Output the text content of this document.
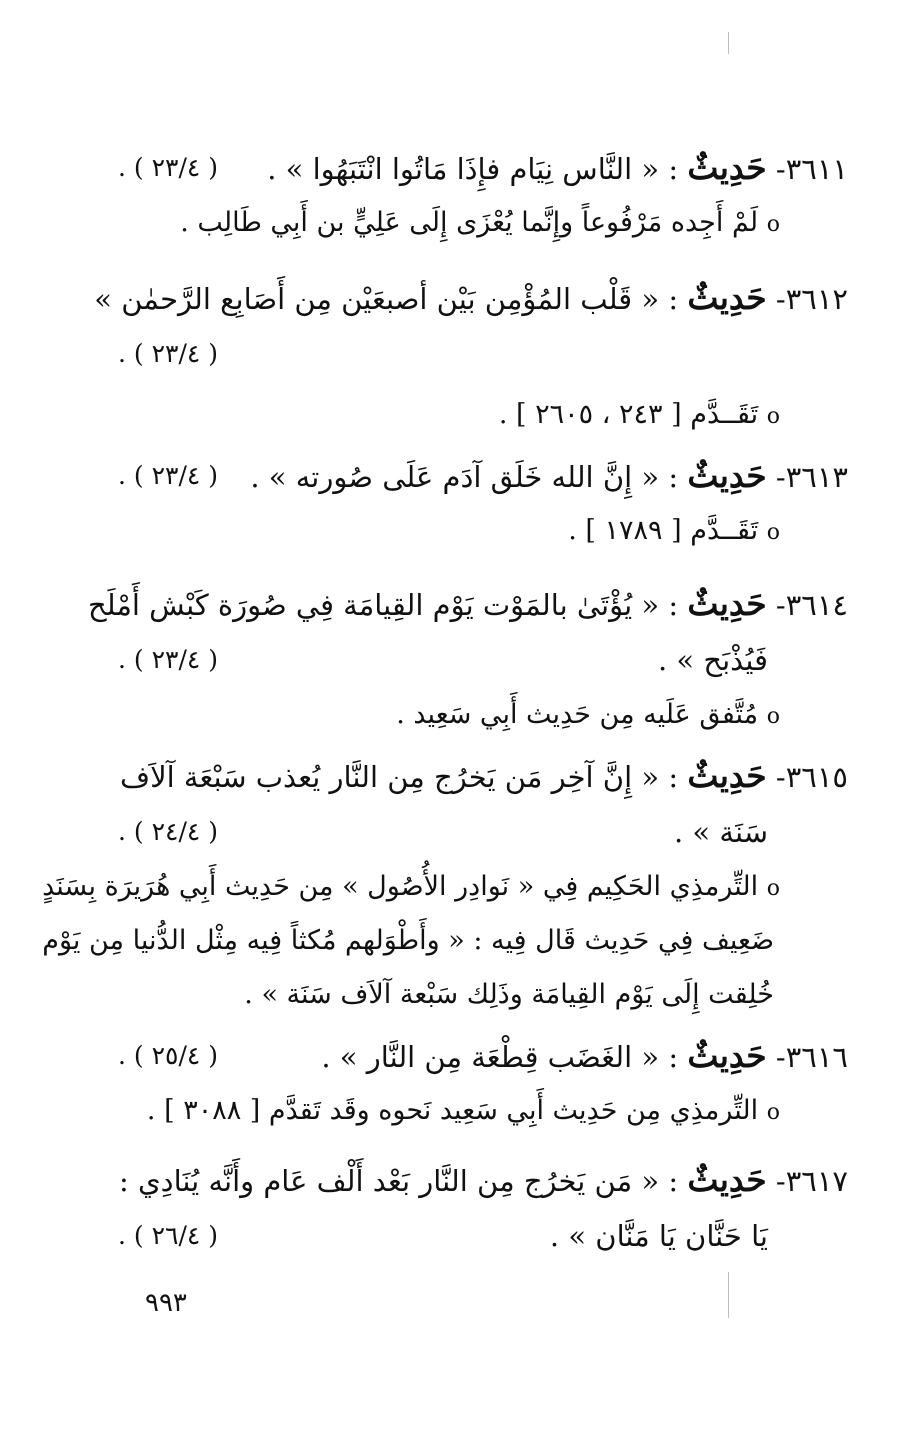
٣٦١١- حَدِيثٌ : « النَّاس نِيَام فإِذَا مَاتُوا انْتَبَهُوا » .
( ٢٣/٤ ) .
ο لَمْ أَجِده مَرْفُوعاً وإِنَّما يُعْزَى إِلَى عَلِيٍّ بن أَبِي طَالِب .
٣٦١٢- حَدِيثٌ : « قَلْب المُؤْمِن بَيْن أصبعَيْن مِن أَصَابِع الرَّحمٰن »
( ٢٣/٤ ) .
ο تَقَــدَّم [ ٢٤٣ ، ٢٦٠٥ ] .
٣٦١٣- حَدِيثٌ : « إِنَّ الله خَلَق آدَم عَلَى صُورته » .
( ٢٣/٤ ) .
ο تَقَــدَّم [ ١٧٨٩ ] .
٣٦١٤- حَدِيثٌ : « يُؤْتَىٰ بالمَوْت يَوْم القِيامَة فِي صُورَة كَبْش أَمْلَح
فَيُذْبَح » .
( ٢٣/٤ ) .
ο مُتَّفق عَلَيه مِن حَدِيث أَبِي سَعِيد .
٣٦١٥- حَدِيثٌ : « إِنَّ آخِر مَن يَخرُج مِن النَّار يُعذب سَبْعَة آلاَف
سَنَة » .
( ٢٤/٤ ) .
ο التِّرمذِي الحَكِيم فِي « نَوادِر الأُصُول » مِن حَدِيث أَبِي هُرَيرَة بِسَنَدٍ
ضَعِيف فِي حَدِيث قَال فِيه : « وأَطْوَلهم مُكثاً فِيه مِثْل الدُّنيا مِن يَوْم
خُلِقت إِلَى يَوْم القِيامَة وذَلِك سَبْعة آلاَف سَنَة » .
٣٦١٦- حَدِيثٌ : « الغَضَب قِطْعَة مِن النَّار » .
( ٢٥/٤ ) .
ο التِّرمذِي مِن حَدِيث أَبِي سَعِيد نَحوه وقَد تَقدَّم [ ٣٠٨٨ ] .
٣٦١٧- حَدِيثٌ : « مَن يَخرُج مِن النَّار بَعْد أَلْف عَام وأَنَّه يُنَادِي :
يَا حَنَّان يَا مَنَّان » .
( ٢٦/٤ ) .
٩٩٣
